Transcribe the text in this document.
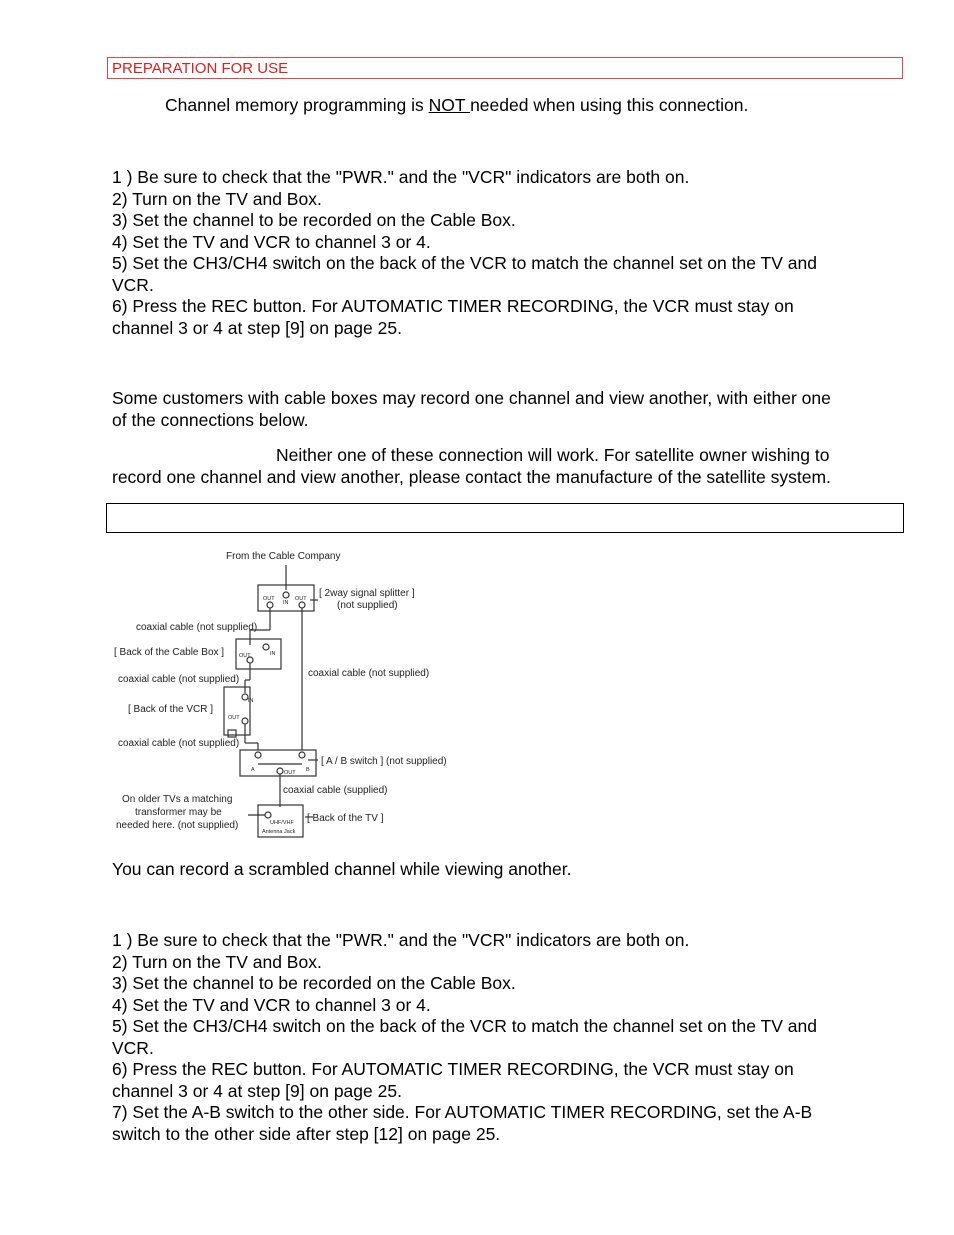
PREPARATION FOR USE
Channel memory programming is NOT needed when using this connection.
1 ) Be sure to check that the "PWR." and the "VCR" indicators are both on.
2) Turn on the TV and Box.
3) Set the channel to be recorded on the Cable Box.
4) Set the TV and VCR to channel 3 or 4.
5) Set the CH3/CH4 switch on the back of the VCR to match the channel set on the TV and
VCR.
6) Press the REC button. For AUTOMATIC TIMER RECORDING, the VCR must stay on
channel 3 or 4 at step [9] on page 25.
Some customers with cable boxes may record one channel and view another, with either one
of the connections below.
Neither one of these connection will work. For satellite owner wishing to
record one channel and view another, please contact the manufacture of the satellite system.
From the Cable Company
[ 2way signal splitter ]
(not supplied)
coaxial cable (not supplied)
[ Back of the Cable Box ]
coaxial cable (not supplied)
coaxial cable (not supplied)
[ Back of the VCR ]
coaxial cable (not supplied)
[ A / B switch ] (not supplied)
coaxial cable (supplied)
On older TVs a matching
transformer may be
needed here. (not supplied)
[ Back of the TV ]
OUT
IN
OUT
OUT	IN
IN
OUT
A	B
OUT
UHF/VHF
Antenna Jack
You can record a scrambled channel while viewing another.
1 ) Be sure to check that the "PWR." and the "VCR" indicators are both on.
2) Turn on the TV and Box.
3) Set the channel to be recorded on the Cable Box.
4) Set the TV and VCR to channel 3 or 4.
5) Set the CH3/CH4 switch on the back of the VCR to match the channel set on the TV and
VCR.
6) Press the REC button. For AUTOMATIC TIMER RECORDING, the VCR must stay on
channel 3 or 4 at step [9] on page 25.
7) Set the A-B switch to the other side. For AUTOMATIC TIMER RECORDING, set the A-B
switch to the other side after step [12] on page 25.
